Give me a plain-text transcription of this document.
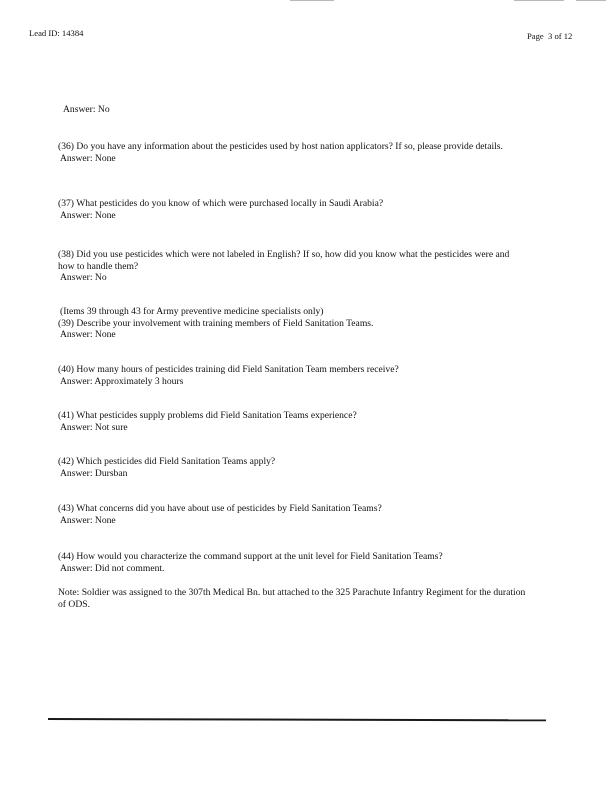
Lead ID: 14384	Page  3 of 12
Answer: No
(36) Do you have any information about the pesticides used by host nation applicators? If so, please provide details.
Answer: None
(37) What pesticides do you know of which were purchased locally in Saudi Arabia?
Answer: None
(38) Did you use pesticides which were not labeled in English? If so, how did you know what the pesticides were and how to handle them?
Answer: No
(Items 39 through 43 for Army preventive medicine specialists only)
(39) Describe your involvement with training members of Field Sanitation Teams.
Answer: None
(40) How many hours of pesticides training did Field Sanitation Team members receive?
Answer: Approximately 3 hours
(41) What pesticides supply problems did Field Sanitation Teams experience?
Answer: Not sure
(42) Which pesticides did Field Sanitation Teams apply?
Answer: Dursban
(43) What concerns did you have about use of pesticides by Field Sanitation Teams?
Answer: None
(44) How would you characterize the command support at the unit level for Field Sanitation Teams?
Answer: Did not comment.
Note: Soldier was assigned to the 307th Medical Bn. but attached to the 325 Parachute Infantry Regiment for the duration of ODS.
